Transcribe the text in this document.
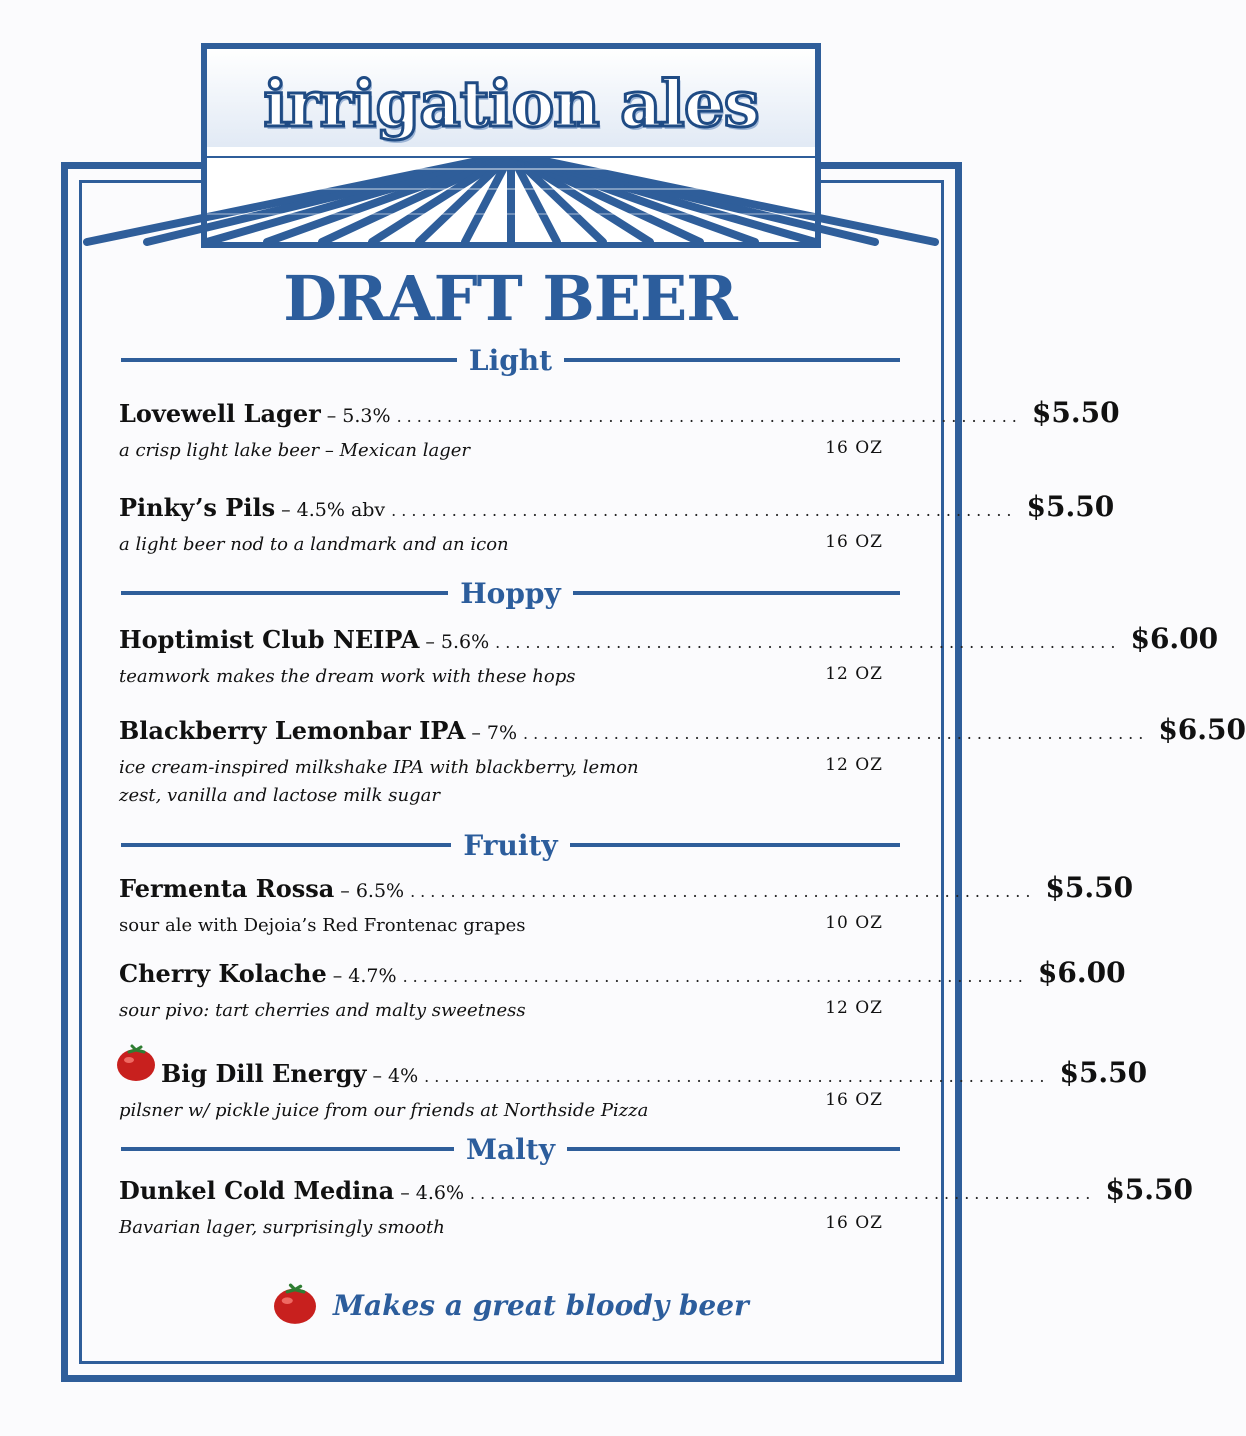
irrigation ales
DRAFT BEER
Light
Lovewell Lager – 5.3% .............................................................. $5.50
a crisp light lake beer – Mexican lager	16 OZ
Pinky’s Pils – 4.5% abv .............................................................. $5.50
a light beer nod to a landmark and an icon	16 OZ
Hoppy
Hoptimist Club NEIPA – 5.6% .............................................................. $6.00
teamwork makes the dream work with these hops	12 OZ
Blackberry Lemonbar IPA – 7% .............................................................. $6.50
ice cream-inspired milkshake IPA with blackberry, lemon zest, vanilla and lactose milk sugar
12 OZ
Fruity
Fermenta Rossa – 6.5% .............................................................. $5.50
sour ale with Dejoia’s Red Frontenac grapes	10 OZ
Cherry Kolache – 4.7% .............................................................. $6.00
sour pivo: tart cherries and malty sweetness	12 OZ
Big Dill Energy – 4% .............................................................. $5.50
pilsner w/ pickle juice from our friends at Northside Pizza	16 OZ
Malty
Dunkel Cold Medina – 4.6% .............................................................. $5.50
Bavarian lager, surprisingly smooth	16 OZ
Makes a great bloody beer
